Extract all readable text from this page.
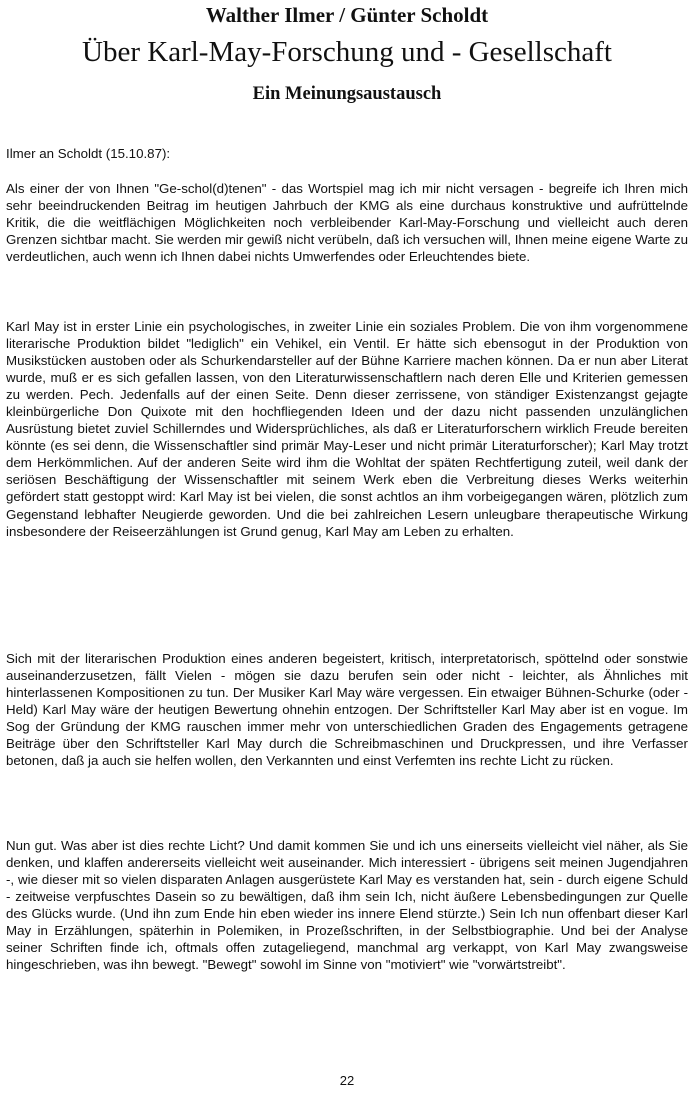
Walther Ilmer / Günter Scholdt
Über Karl-May-Forschung und - Gesellschaft
Ein Meinungsaustausch

Ilmer an Scholdt (15.10.87):

Als einer der von Ihnen "Ge-schol(d)tenen" - das Wortspiel mag ich mir nicht versagen - begreife ich Ihren mich sehr beeindruckenden Beitrag im heutigen Jahrbuch der KMG als eine durchaus konstruktive und aufrüttelnde Kritik, die die weitflächigen Möglichkeiten noch verbleibender Karl-May-Forschung und vielleicht auch deren Grenzen sichtbar macht. Sie werden mir gewiß nicht verübeln, daß ich versuchen will, Ihnen meine eigene Warte zu verdeutlichen, auch wenn ich Ihnen dabei nichts Umwerfendes oder Erleuchtendes biete.

Karl May ist in erster Linie ein psychologisches, in zweiter Linie ein soziales Problem. Die von ihm vorgenommene literarische Produktion bildet "lediglich" ein Vehikel, ein Ventil. Er hätte sich ebensogut in der Produktion von Musikstücken austoben oder als Schurkendarsteller auf der Bühne Karriere machen können. Da er nun aber Literat wurde, muß er es sich gefallen lassen, von den Literaturwissenschaftlern nach deren Elle und Kriterien gemessen zu werden. Pech. Jedenfalls auf der einen Seite. Denn dieser zerrissene, von ständiger Existenzangst gejagte kleinbürgerliche Don Quixote mit den hochfliegenden Ideen und der dazu nicht passenden unzulänglichen Ausrüstung bietet zuviel Schillerndes und Widersprüchliches, als daß er Literaturforschern wirklich Freude bereiten könnte (es sei denn, die Wissenschaftler sind primär May-Leser und nicht primär Literaturforscher); Karl May trotzt dem Herkömmlichen. Auf der anderen Seite wird ihm die Wohltat der späten Rechtfertigung zuteil, weil dank der seriösen Beschäftigung der Wissenschaftler mit seinem Werk eben die Verbreitung dieses Werks weiterhin gefördert statt gestoppt wird: Karl May ist bei vielen, die sonst achtlos an ihm vorbeigegangen wären, plötzlich zum Gegenstand lebhafter Neugierde geworden. Und die bei zahlreichen Lesern unleugbare therapeutische Wirkung insbesondere der Reiseerzählungen ist Grund genug, Karl May am Leben zu erhalten.

Sich mit der literarischen Produktion eines anderen begeistert, kritisch, interpretatorisch, spöttelnd oder sonstwie auseinanderzusetzen, fällt Vielen - mögen sie dazu berufen sein oder nicht - leichter, als Ähnliches mit hinterlassenen Kompositionen zu tun. Der Musiker Karl May wäre vergessen. Ein etwaiger Bühnen-Schurke (oder -Held) Karl May wäre der heutigen Bewertung ohnehin entzogen. Der Schriftsteller Karl May aber ist en vogue. Im Sog der Gründung der KMG rauschen immer mehr von unterschiedlichen Graden des Engagements getragene Beiträge über den Schriftsteller Karl May durch die Schreibmaschinen und Druckpressen, und ihre Verfasser betonen, daß ja auch sie helfen wollen, den Verkannten und einst Verfemten ins rechte Licht zu rücken.

Nun gut. Was aber ist dies rechte Licht? Und damit kommen Sie und ich uns einerseits vielleicht viel näher, als Sie denken, und klaffen andererseits vielleicht weit auseinander. Mich interessiert - übrigens seit meinen Jugendjahren -, wie dieser mit so vielen disparaten Anlagen ausgerüstete Karl May es verstanden hat, sein - durch eigene Schuld - zeitweise verpfuschtes Dasein so zu bewältigen, daß ihm sein Ich, nicht äußere Lebensbedingungen zur Quelle des Glücks wurde. (Und ihn zum Ende hin eben wieder ins innere Elend stürzte.) Sein Ich nun offenbart dieser Karl May in Erzählungen, späterhin in Polemiken, in Prozeßschriften, in der Selbstbiographie. Und bei der Analyse seiner Schriften finde ich, oftmals offen zutageliegend, manchmal arg verkappt, von Karl May zwangsweise hingeschrieben, was ihn bewegt. "Bewegt" sowohl im Sinne von "motiviert" wie "vorwärtstreibt".

22
